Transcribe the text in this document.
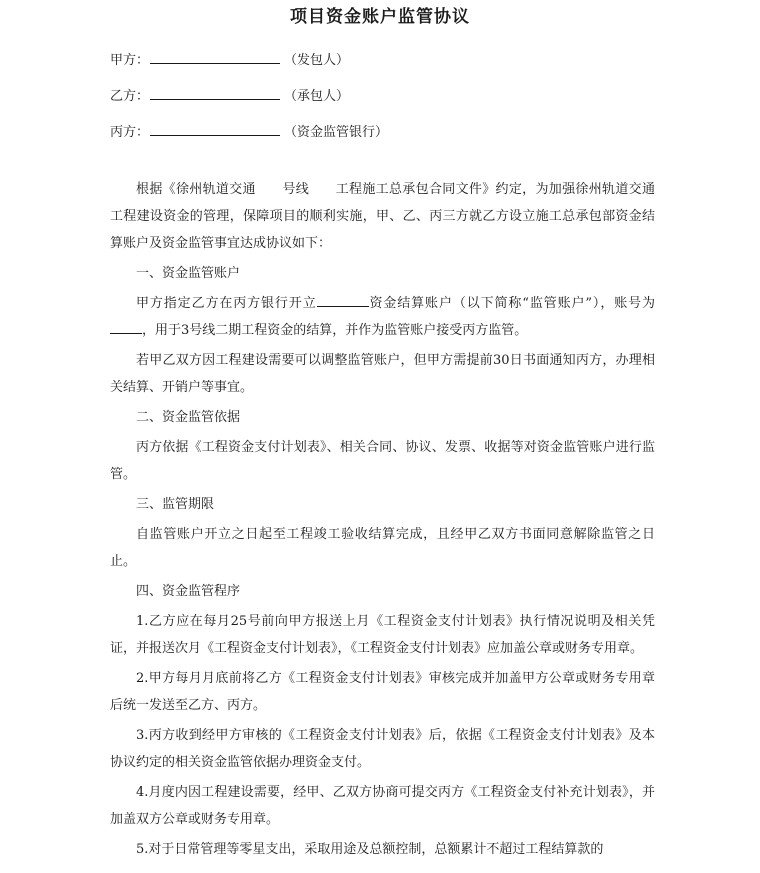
项目资金账户监管协议
甲方：	（发包人）
乙方：	（承包人）
丙方：	（资金监管银行）

根据《徐州轨道交通　　号线　　工程施工总承包合同文件》约定，为加强徐州轨道交通工程建设资金的管理，保障项目的顺利实施，甲、乙、丙三方就乙方设立施工总承包部资金结算账户及资金监管事宜达成协议如下：

一、资金监管账户

甲方指定乙方在丙方银行开立	资金结算账户（以下简称“监管账户”），账号为，用于3号线二期工程资金的结算，并作为监管账户接受丙方监管。

若甲乙双方因工程建设需要可以调整监管账户，但甲方需提前30日书面通知丙方，办理相关结算、开销户等事宜。

二、资金监管依据

丙方依据《工程资金支付计划表》、相关合同、协议、发票、收据等对资金监管账户进行监管。

三、监管期限

自监管账户开立之日起至工程竣工验收结算完成，且经甲乙双方书面同意解除监管之日止。

四、资金监管程序

1.乙方应在每月25号前向甲方报送上月《工程资金支付计划表》执行情况说明及相关凭证，并报送次月《工程资金支付计划表》，《工程资金支付计划表》应加盖公章或财务专用章。

2.甲方每月月底前将乙方《工程资金支付计划表》审核完成并加盖甲方公章或财务专用章后统一发送至乙方、丙方。

3.丙方收到经甲方审核的《工程资金支付计划表》后，依据《工程资金支付计划表》及本协议约定的相关资金监管依据办理资金支付。

4.月度内因工程建设需要，经甲、乙双方协商可提交丙方《工程资金支付补充计划表》，并加盖双方公章或财务专用章。

5.对于日常管理等零星支出，采取用途及总额控制，总额累计不超过工程结算款的
